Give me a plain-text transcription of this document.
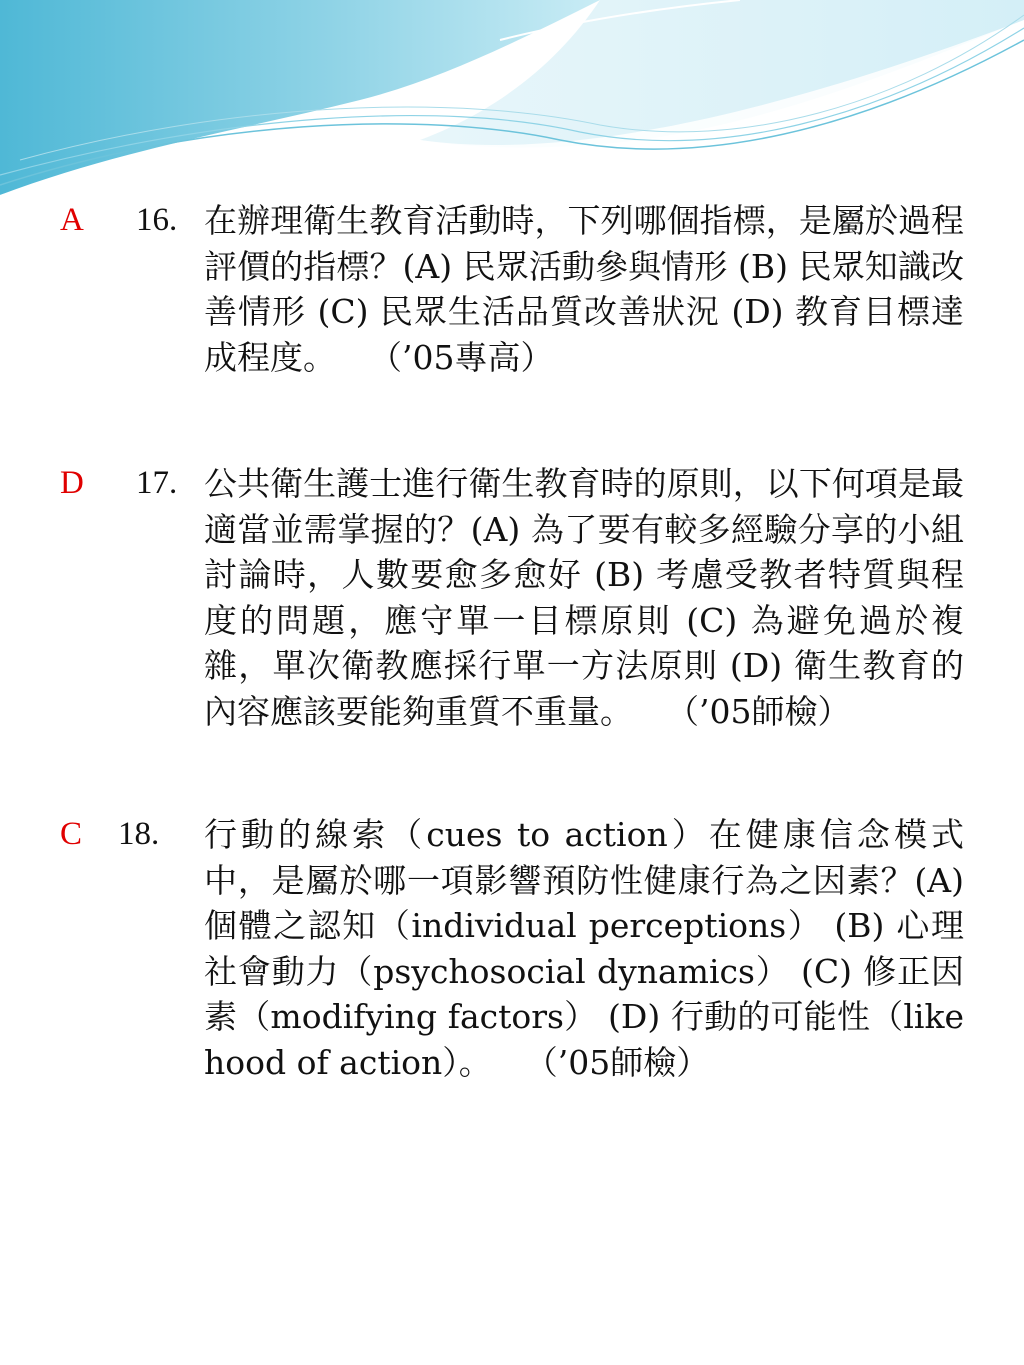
A 16. 在辦理衛生教育活動時，下列哪個指標，是屬於過程評價的指標？(A) 民眾活動參與情形 (B) 民眾知識改善情形 (C) 民眾生活品質改善狀況 (D) 教育目標達成程度。　　（’05專高）
D 17. 公共衛生護士進行衛生教育時的原則，以下何項是最適當並需掌握的？(A) 為了要有較多經驗分享的小組討論時，人數要愈多愈好 (B) 考慮受教者特質與程度的問題，應守單一目標原則 (C) 為避免過於複雜，單次衛教應採行單一方法原則 (D) 衛生教育的內容應該要能夠重質不重量。　　（’05師檢）
C 18. 行動的線索（cues to action）在健康信念模式中，是屬於哪一項影響預防性健康行為之因素？(A) 個體之認知（individual perceptions） (B) 心理社會動力（psychosocial dynamics） (C) 修正因素（modifying factors） (D) 行動的可能性（likehood of action）。　　（’05師檢）
